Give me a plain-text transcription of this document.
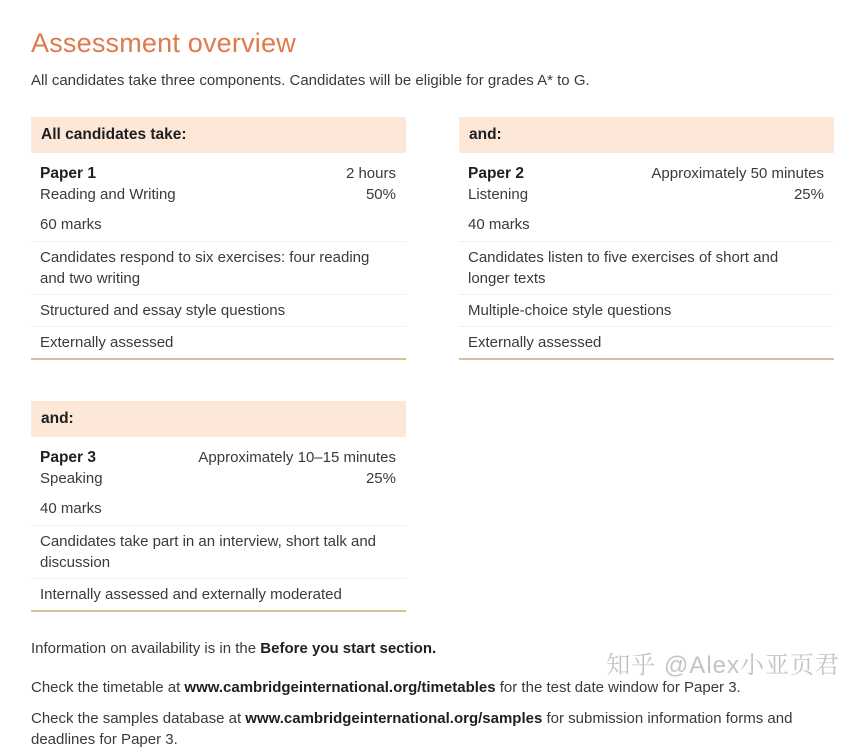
Assessment overview

All candidates take three components. Candidates will be eligible for grades A* to G.

All candidates take:
Paper 1
Reading and Writing
2 hours
50%
60 marks
Candidates respond to six exercises: four reading and two writing
Structured and essay style questions
Externally assessed
and:
Paper 2
Listening
Approximately 50 minutes
25%
40 marks
Candidates listen to five exercises of short and longer texts
Multiple-choice style questions
Externally assessed
and:
Paper 3
Speaking
Approximately 10–15 minutes
25%
40 marks
Candidates take part in an interview, short talk and discussion
Internally assessed and externally moderated

Information on availability is in the Before you start section.

Check the timetable at www.cambridgeinternational.org/timetables for the test date window for Paper 3.

Check the samples database at www.cambridgeinternational.org/samples for submission information forms and deadlines for Paper 3.

知乎 @Alex小亚页君
